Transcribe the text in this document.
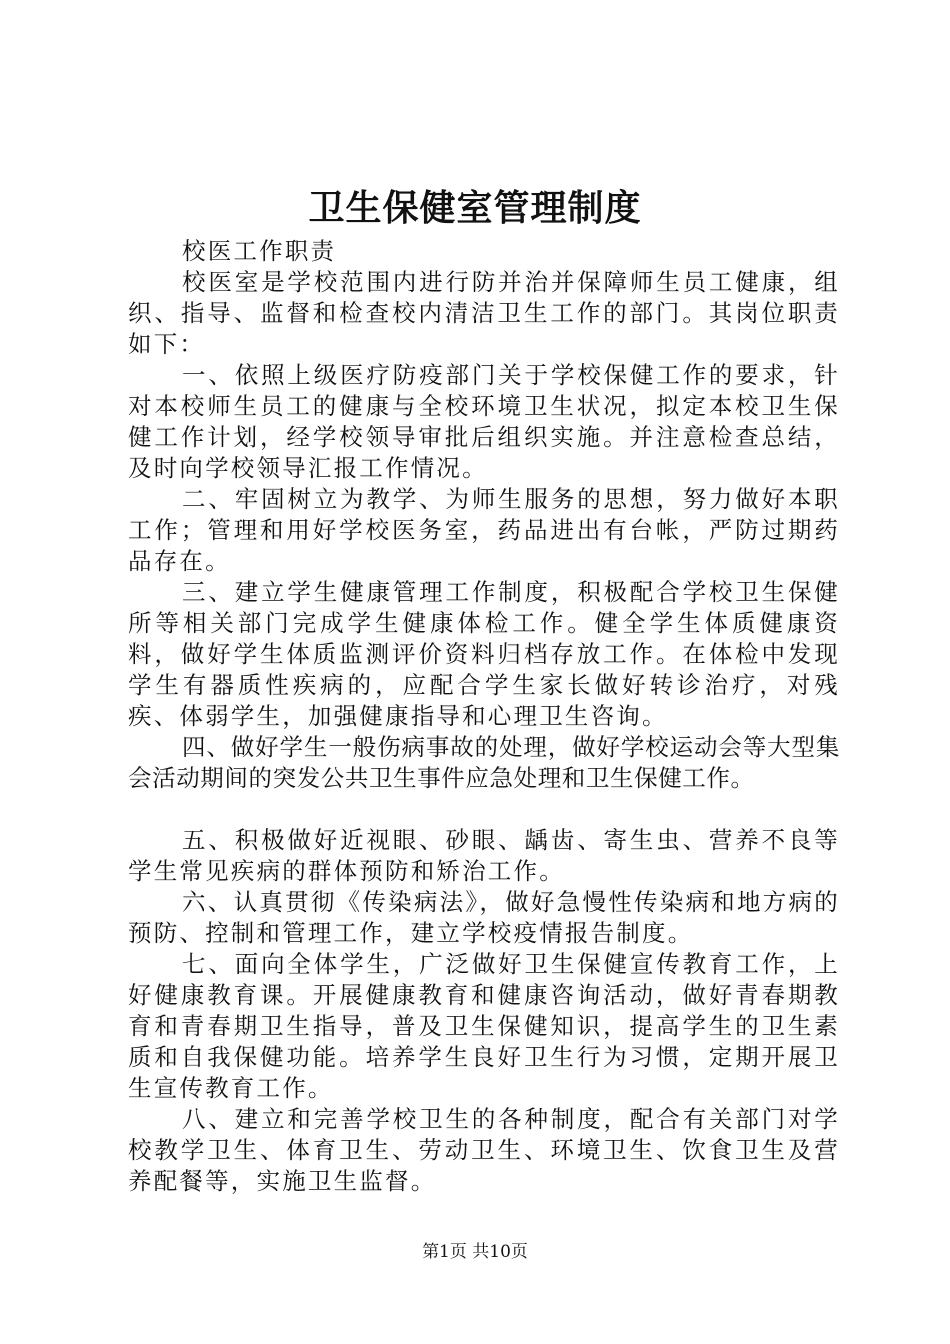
卫生保健室管理制度

校医工作职责

校医室是学校范围内进行防并治并保障师生员工健康，组织、指导、监督和检查校内清洁卫生工作的部门。其岗位职责如下：

一、依照上级医疗防疫部门关于学校保健工作的要求，针对本校师生员工的健康与全校环境卫生状况，拟定本校卫生保健工作计划，经学校领导审批后组织实施。并注意检查总结，及时向学校领导汇报工作情况。

二、牢固树立为教学、为师生服务的思想，努力做好本职工作；管理和用好学校医务室，药品进出有台帐，严防过期药品存在。

三、建立学生健康管理工作制度，积极配合学校卫生保健所等相关部门完成学生健康体检工作。健全学生体质健康资料，做好学生体质监测评价资料归档存放工作。在体检中发现学生有器质性疾病的，应配合学生家长做好转诊治疗，对残疾、体弱学生，加强健康指导和心理卫生咨询。

四、做好学生一般伤病事故的处理，做好学校运动会等大型集会活动期间的突发公共卫生事件应急处理和卫生保健工作。

五、积极做好近视眼、砂眼、龋齿、寄生虫、营养不良等学生常见疾病的群体预防和矫治工作。

六、认真贯彻《传染病法》，做好急慢性传染病和地方病的预防、控制和管理工作，建立学校疫情报告制度。

七、面向全体学生，广泛做好卫生保健宣传教育工作，上好健康教育课。开展健康教育和健康咨询活动，做好青春期教育和青春期卫生指导，普及卫生保健知识，提高学生的卫生素质和自我保健功能。培养学生良好卫生行为习惯，定期开展卫生宣传教育工作。

八、建立和完善学校卫生的各种制度，配合有关部门对学校教学卫生、体育卫生、劳动卫生、环境卫生、饮食卫生及营养配餐等，实施卫生监督。

第1页 共10页
